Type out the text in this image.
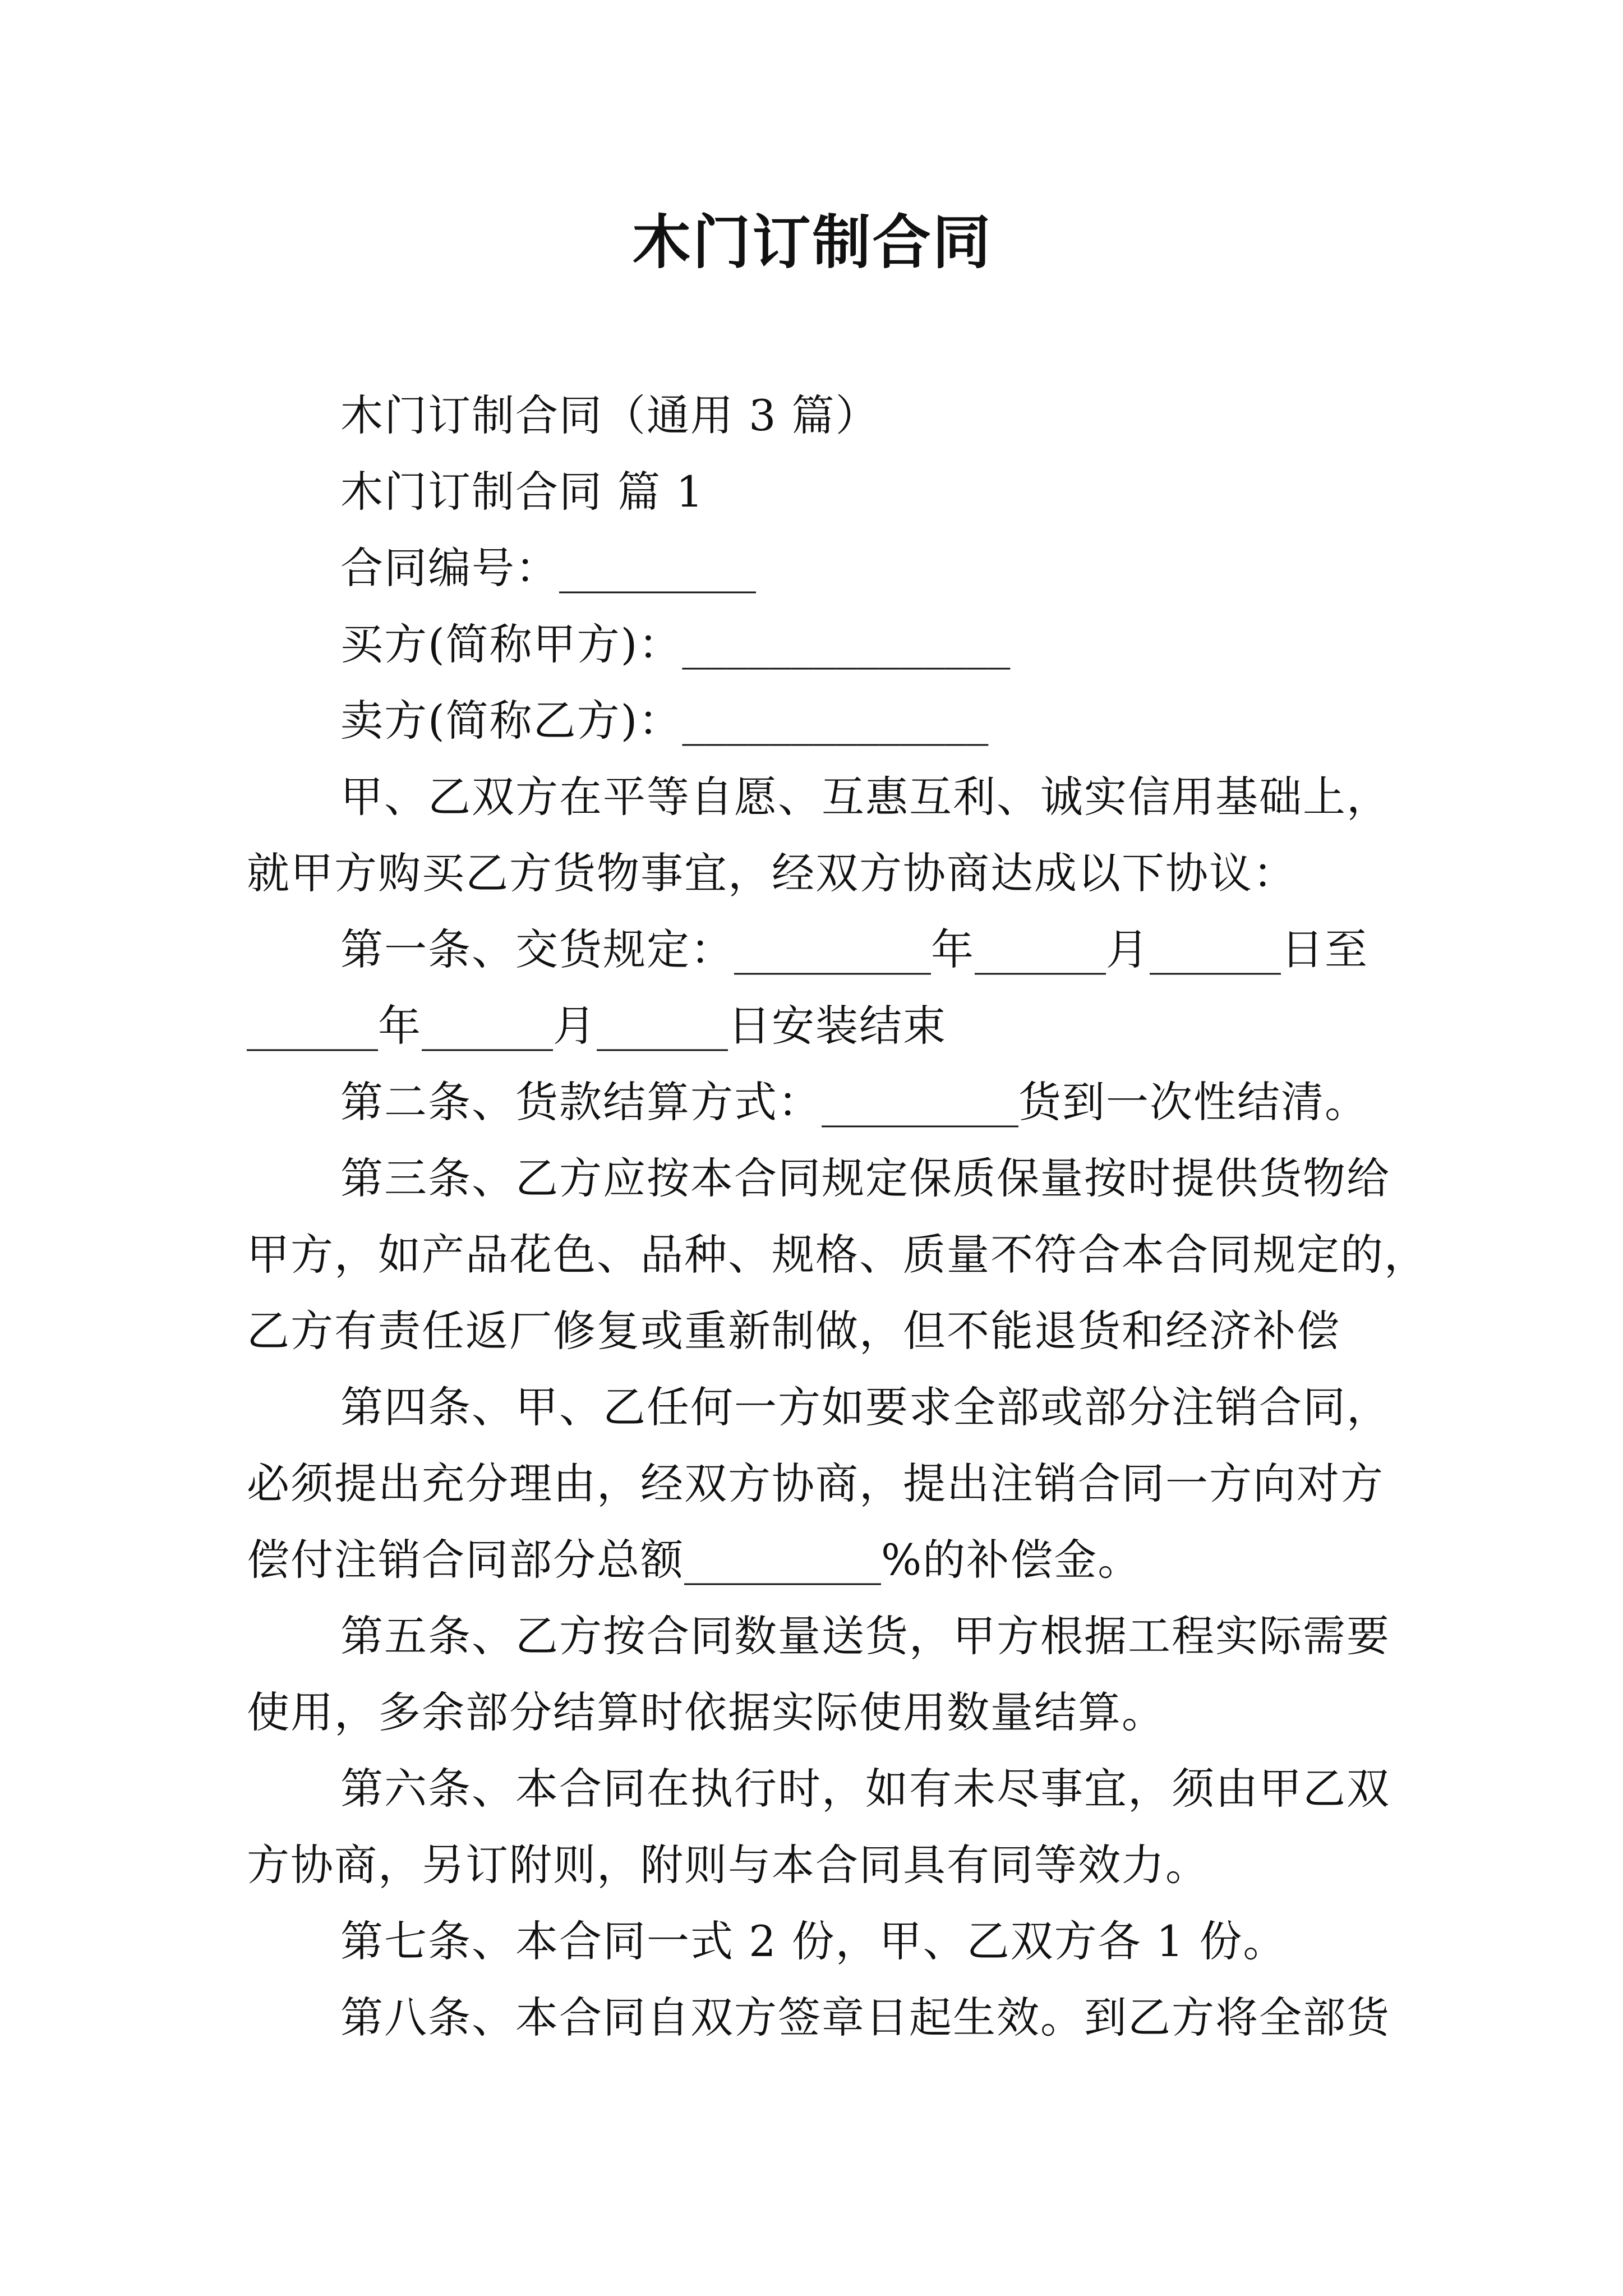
木门订制合同
木门订制合同（通用 3 篇）
木门订制合同 篇 1
合同编号：_________
买方(简称甲方)：_______________
卖方(简称乙方)：______________
甲、乙双方在平等自愿、互惠互利、诚实信用基础上，
就甲方购买乙方货物事宜，经双方协商达成以下协议：
第一条、交货规定：_________年______月______日至
______年______月______日安装结束
第二条、货款结算方式：_________货到一次性结清。
第三条、乙方应按本合同规定保质保量按时提供货物给
甲方，如产品花色、品种、规格、质量不符合本合同规定的，
乙方有责任返厂修复或重新制做，但不能退货和经济补偿
第四条、甲、乙任何一方如要求全部或部分注销合同，
必须提出充分理由，经双方协商，提出注销合同一方向对方
偿付注销合同部分总额_________%的补偿金。
第五条、乙方按合同数量送货，甲方根据工程实际需要
使用，多余部分结算时依据实际使用数量结算。
第六条、本合同在执行时，如有未尽事宜，须由甲乙双
方协商，另订附则，附则与本合同具有同等效力。
第七条、本合同一式 2 份，甲、乙双方各 1 份。
第八条、本合同自双方签章日起生效。到乙方将全部货
